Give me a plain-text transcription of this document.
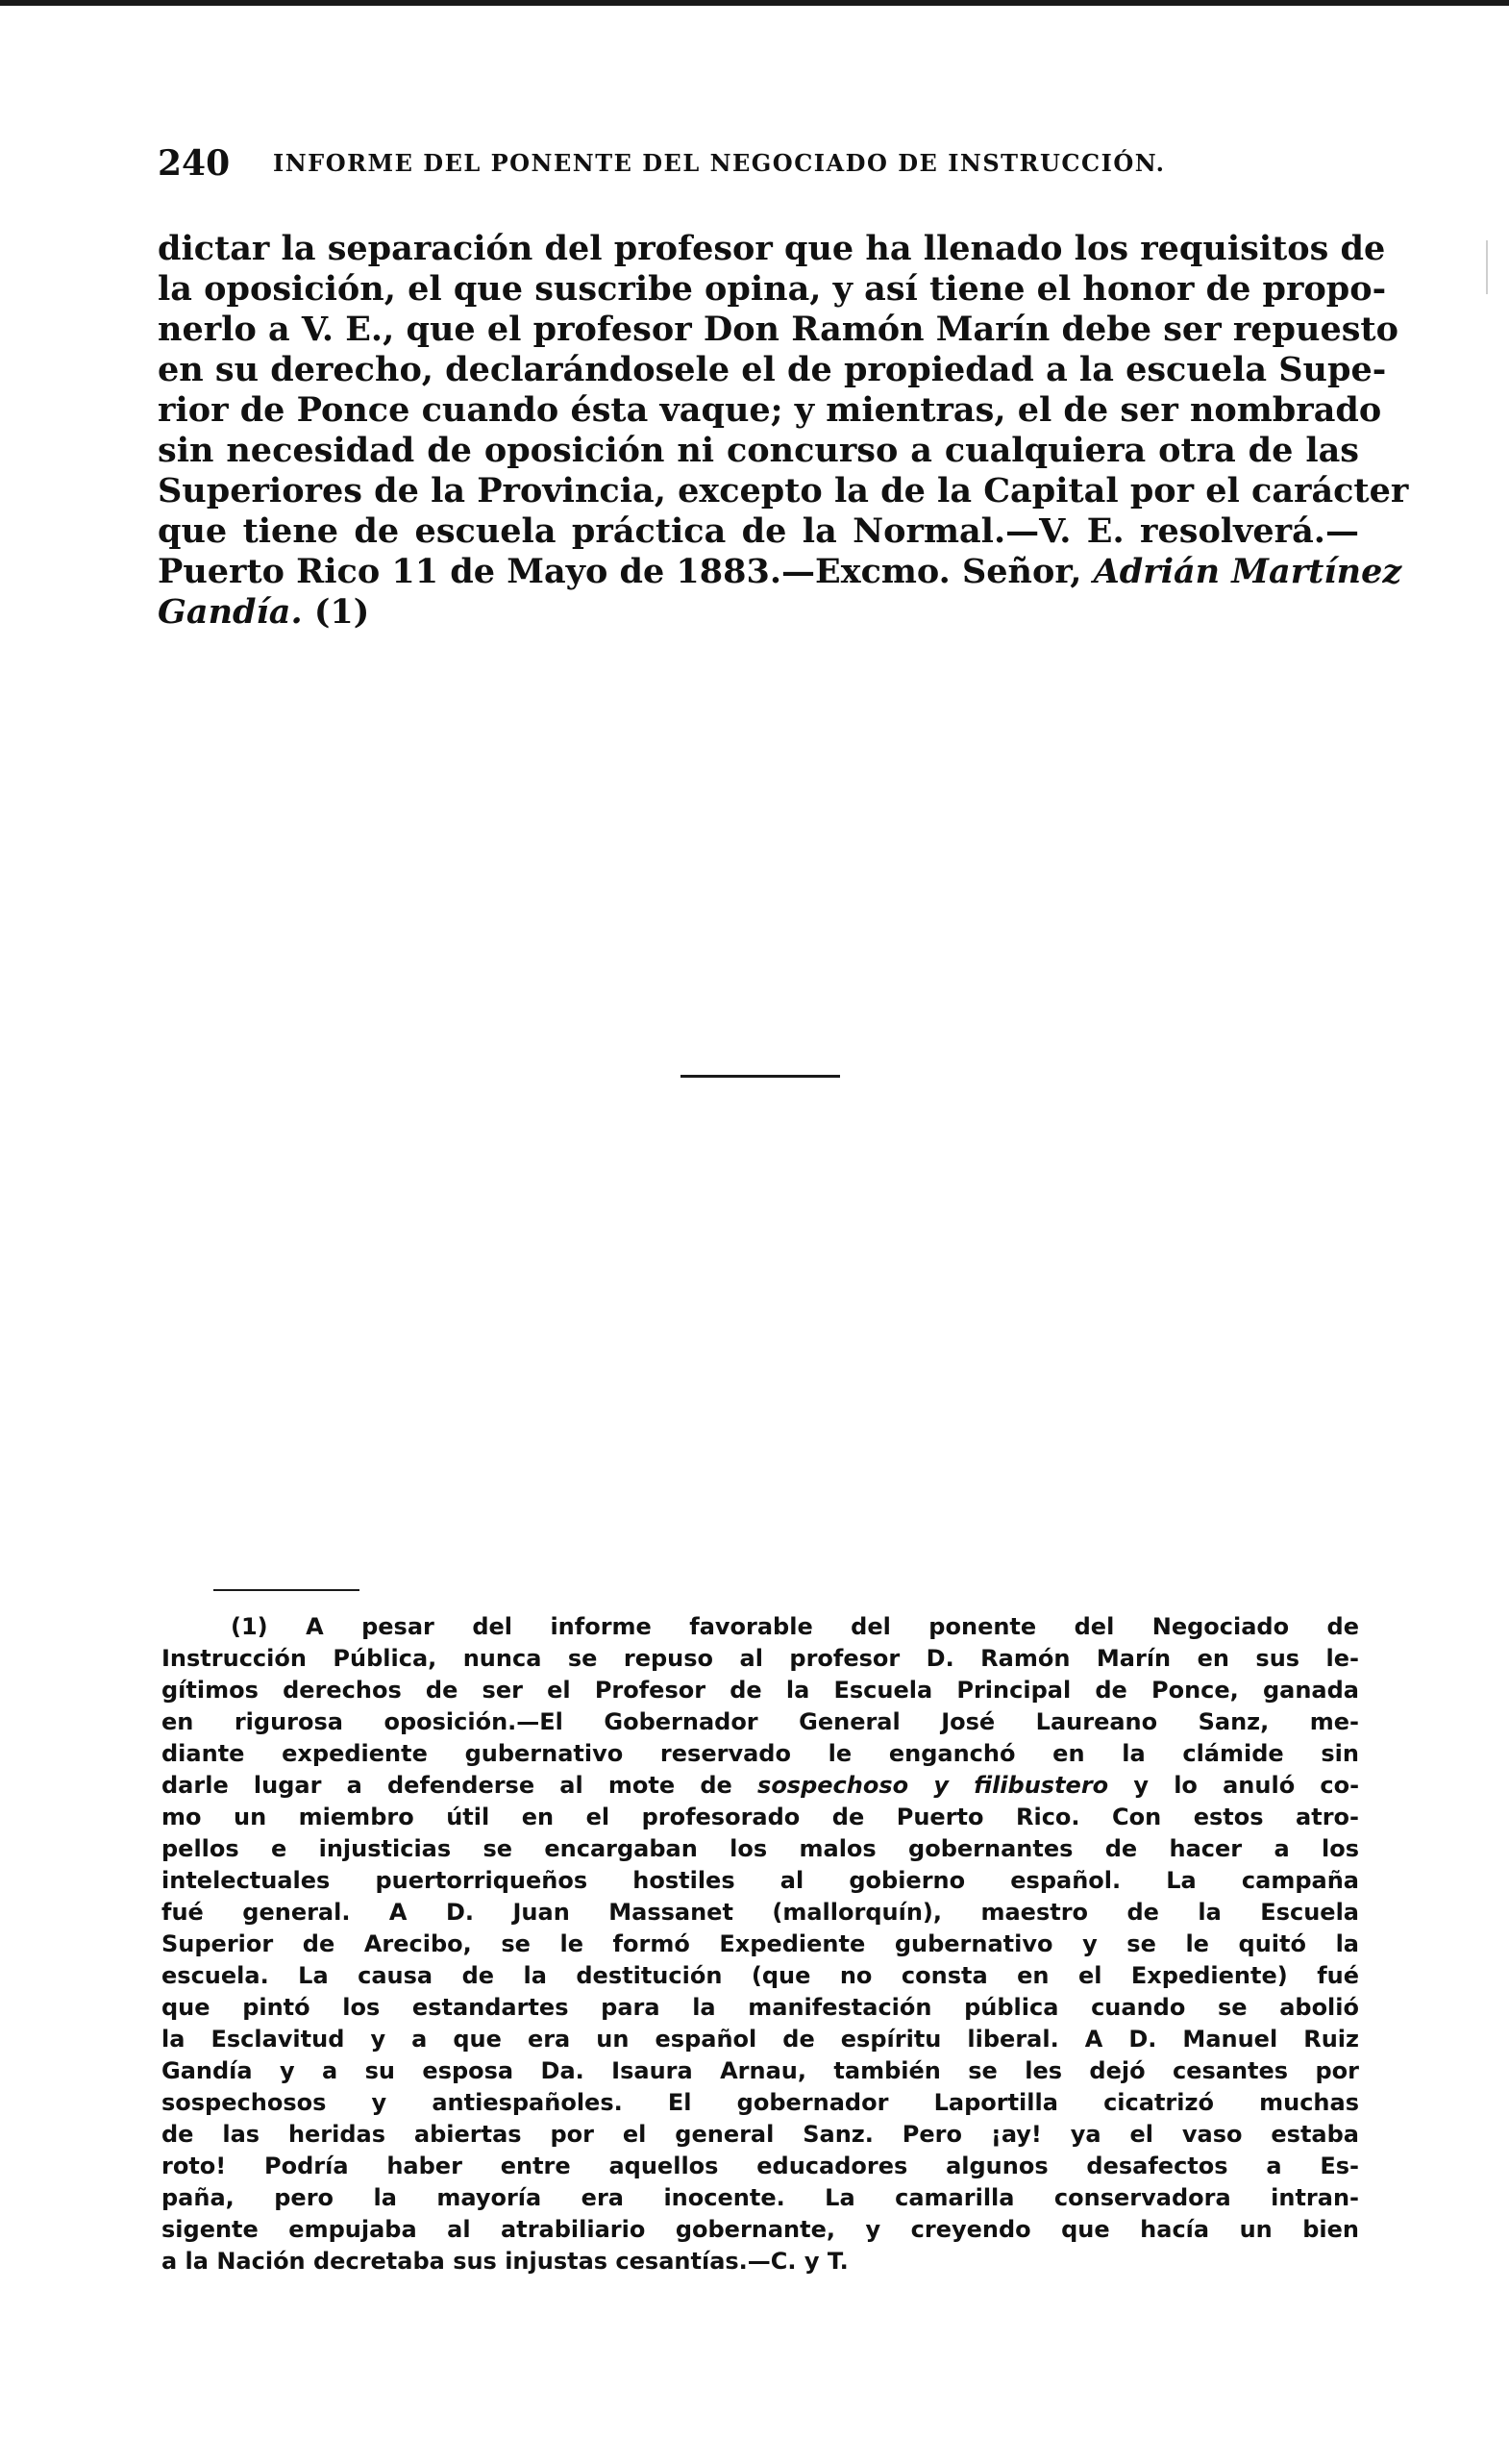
240 INFORME DEL PONENTE DEL NEGOCIADO DE INSTRUCCIÓN.
dictar la separación del profesor que ha llenado los requisitos de
la oposición, el que suscribe opina, y así tiene el honor de propo-
nerlo a V. E., que el profesor Don Ramón Marín debe ser repuesto
en su derecho, declarándosele el de propiedad a la escuela Supe-
rior de Ponce cuando ésta vaque; y mientras, el de ser nombrado
sin necesidad de oposición ni concurso a cualquiera otra de las
Superiores de la Provincia, excepto la de la Capital por el carácter
que tiene de escuela práctica de la Normal.—V. E. resolverá.—
Puerto Rico 11 de Mayo de 1883.—Excmo. Señor, Adrián Martínez
Gandía. (1)
(1) A pesar del informe favorable del ponente del Negociado de
Instrucción Pública, nunca se repuso al profesor D. Ramón Marín en sus le-
gítimos derechos de ser el Profesor de la Escuela Principal de Ponce, ganada
en rigurosa oposición.—El Gobernador General José Laureano Sanz, me-
diante expediente gubernativo reservado le enganchó en la clámide sin
darle lugar a defenderse al mote de sospechoso y filibustero y lo anuló co-
mo un miembro útil en el profesorado de Puerto Rico. Con estos atro-
pellos e injusticias se encargaban los malos gobernantes de hacer a los
intelectuales puertorriqueños hostiles al gobierno español. La campaña
fué general. A D. Juan Massanet (mallorquín), maestro de la Escuela
Superior de Arecibo, se le formó Expediente gubernativo y se le quitó la
escuela. La causa de la destitución (que no consta en el Expediente) fué
que pintó los estandartes para la manifestación pública cuando se abolió
la Esclavitud y a que era un español de espíritu liberal. A D. Manuel Ruiz
Gandía y a su esposa Da. Isaura Arnau, también se les dejó cesantes por
sospechosos y antiespañoles. El gobernador Laportilla cicatrizó muchas
de las heridas abiertas por el general Sanz. Pero ¡ay! ya el vaso estaba
roto! Podría haber entre aquellos educadores algunos desafectos a Es-
paña, pero la mayoría era inocente. La camarilla conservadora intran-
sigente empujaba al atrabiliario gobernante, y creyendo que hacía un bien
a la Nación decretaba sus injustas cesantías.—C. y T.
